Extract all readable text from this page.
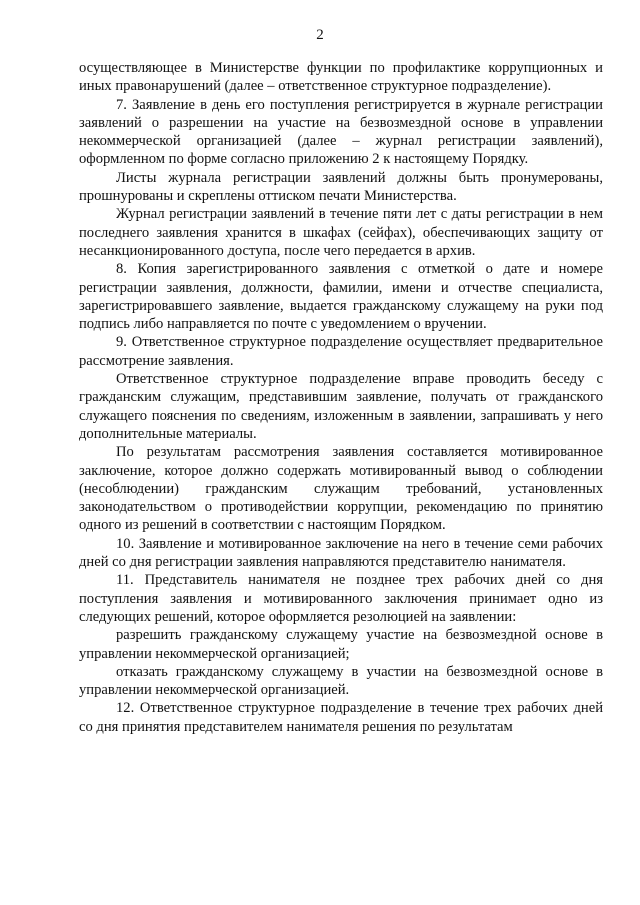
2

осуществляющее в Министерстве функции по профилактике коррупционных и иных правонарушений (далее – ответственное структурное подразделение).

7. Заявление в день его поступления регистрируется в журнале регистрации заявлений о разрешении на участие на безвозмездной основе в управлении некоммерческой организацией (далее – журнал регистрации заявлений), оформленном по форме согласно приложению 2 к настоящему Порядку.

Листы журнала регистрации заявлений должны быть пронумерованы, прошнурованы и скреплены оттиском печати Министерства.

Журнал регистрации заявлений в течение пяти лет с даты регистрации в нем последнего заявления хранится в шкафах (сейфах), обеспечивающих защиту от несанкционированного доступа, после чего передается в архив.

8. Копия зарегистрированного заявления с отметкой о дате и номере регистрации заявления, должности, фамилии, имени и отчестве специалиста, зарегистрировавшего заявление, выдается гражданскому служащему на руки под подпись либо направляется по почте с уведомлением о вручении.

9. Ответственное структурное подразделение осуществляет предварительное рассмотрение заявления.

Ответственное структурное подразделение вправе проводить беседу с гражданским служащим, представившим заявление, получать от гражданского служащего пояснения по сведениям, изложенным в заявлении, запрашивать у него дополнительные материалы.

По результатам рассмотрения заявления составляется мотивированное заключение, которое должно содержать мотивированный вывод о соблюдении (несоблюдении) гражданским служащим требований, установленных законодательством о противодействии коррупции, рекомендацию по принятию одного из решений в соответствии с настоящим Порядком.

10. Заявление и мотивированное заключение на него в течение семи рабочих дней со дня регистрации заявления направляются представителю нанимателя.

11. Представитель нанимателя не позднее трех рабочих дней со дня поступления заявления и мотивированного заключения принимает одно из следующих решений, которое оформляется резолюцией на заявлении:

разрешить гражданскому служащему участие на безвозмездной основе в управлении некоммерческой организацией;

отказать гражданскому служащему в участии на безвозмездной основе в управлении некоммерческой организацией.

12. Ответственное структурное подразделение в течение трех рабочих дней со дня принятия представителем нанимателя решения по результатам
